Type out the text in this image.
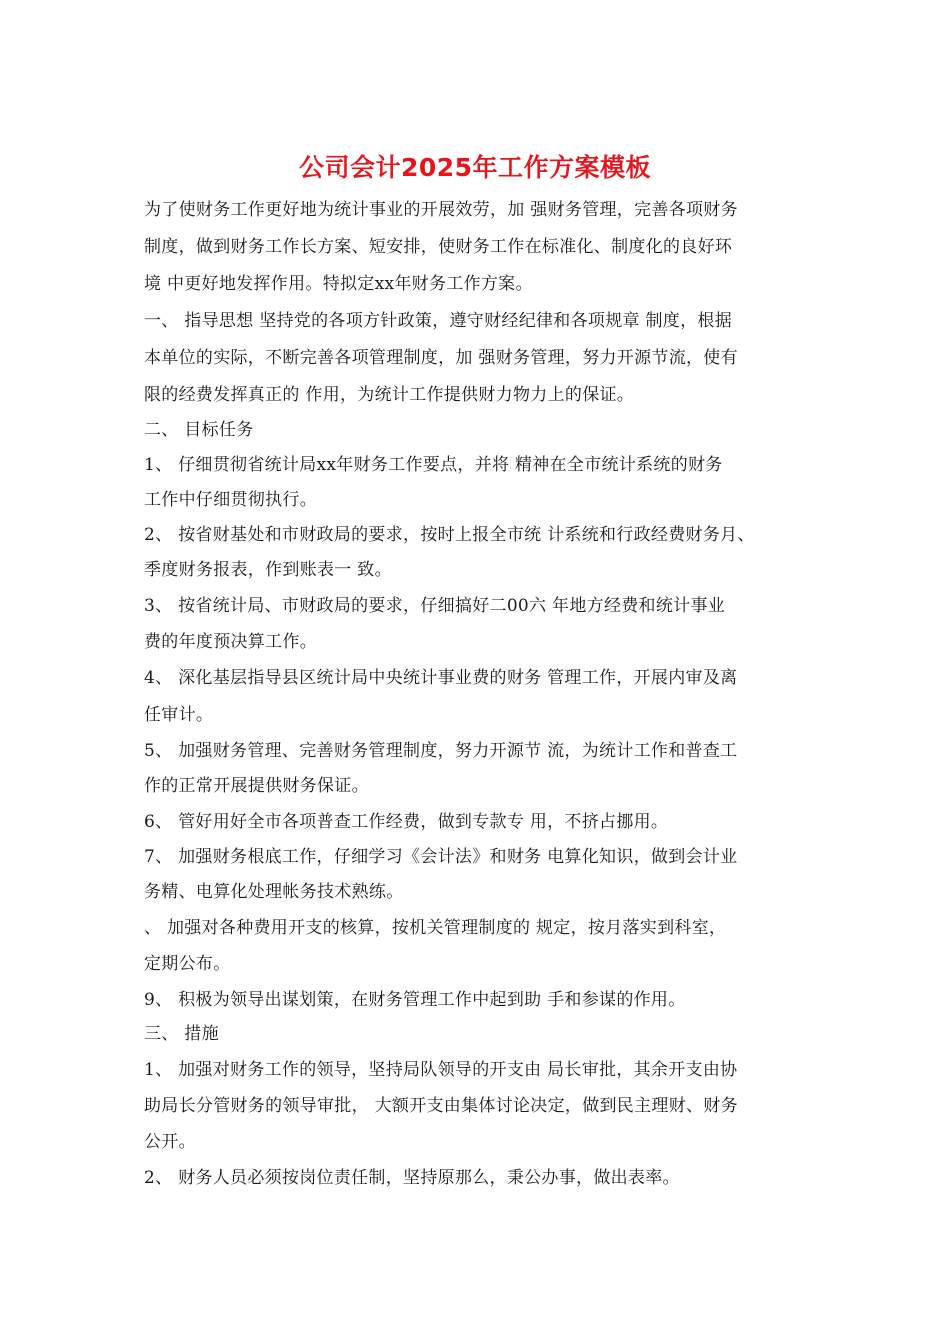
公司会计2025年工作方案模板
为了使财务工作更好地为统计事业的开展效劳，加 强财务管理，完善各项财务
制度，做到财务工作长方案、短安排，使财务工作在标准化、制度化的良好环
境 中更好地发挥作用。特拟定xx年财务工作方案。
一、 指导思想 坚持党的各项方针政策，遵守财经纪律和各项规章 制度，根据
本单位的实际，不断完善各项管理制度，加 强财务管理，努力开源节流，使有
限的经费发挥真正的 作用，为统计工作提供财力物力上的保证。
二、 目标任务
1、 仔细贯彻省统计局xx年财务工作要点，并将 精神在全市统计系统的财务
工作中仔细贯彻执行。
2、 按省财基处和市财政局的要求，按时上报全市统 计系统和行政经费财务月、
季度财务报表，作到账表一 致。
3、 按省统计局、市财政局的要求，仔细搞好二00六 年地方经费和统计事业
费的年度预决算工作。
4、 深化基层指导县区统计局中央统计事业费的财务 管理工作，开展内审及离
任审计。
5、 加强财务管理、完善财务管理制度，努力开源节 流，为统计工作和普查工
作的正常开展提供财务保证。
6、 管好用好全市各项普查工作经费，做到专款专 用，不挤占挪用。
7、 加强财务根底工作，仔细学习《会计法》和财务 电算化知识，做到会计业
务精、电算化处理帐务技术熟练。
、 加强对各种费用开支的核算，按机关管理制度的 规定，按月落实到科室，
定期公布。
9、 积极为领导出谋划策，在财务管理工作中起到助 手和参谋的作用。
三、 措施
1、 加强对财务工作的领导，坚持局队领导的开支由 局长审批，其余开支由协
助局长分管财务的领导审批， 大额开支由集体讨论决定，做到民主理财、财务
公开。
2、 财务人员必须按岗位责任制，坚持原那么，秉公办事，做出表率。
